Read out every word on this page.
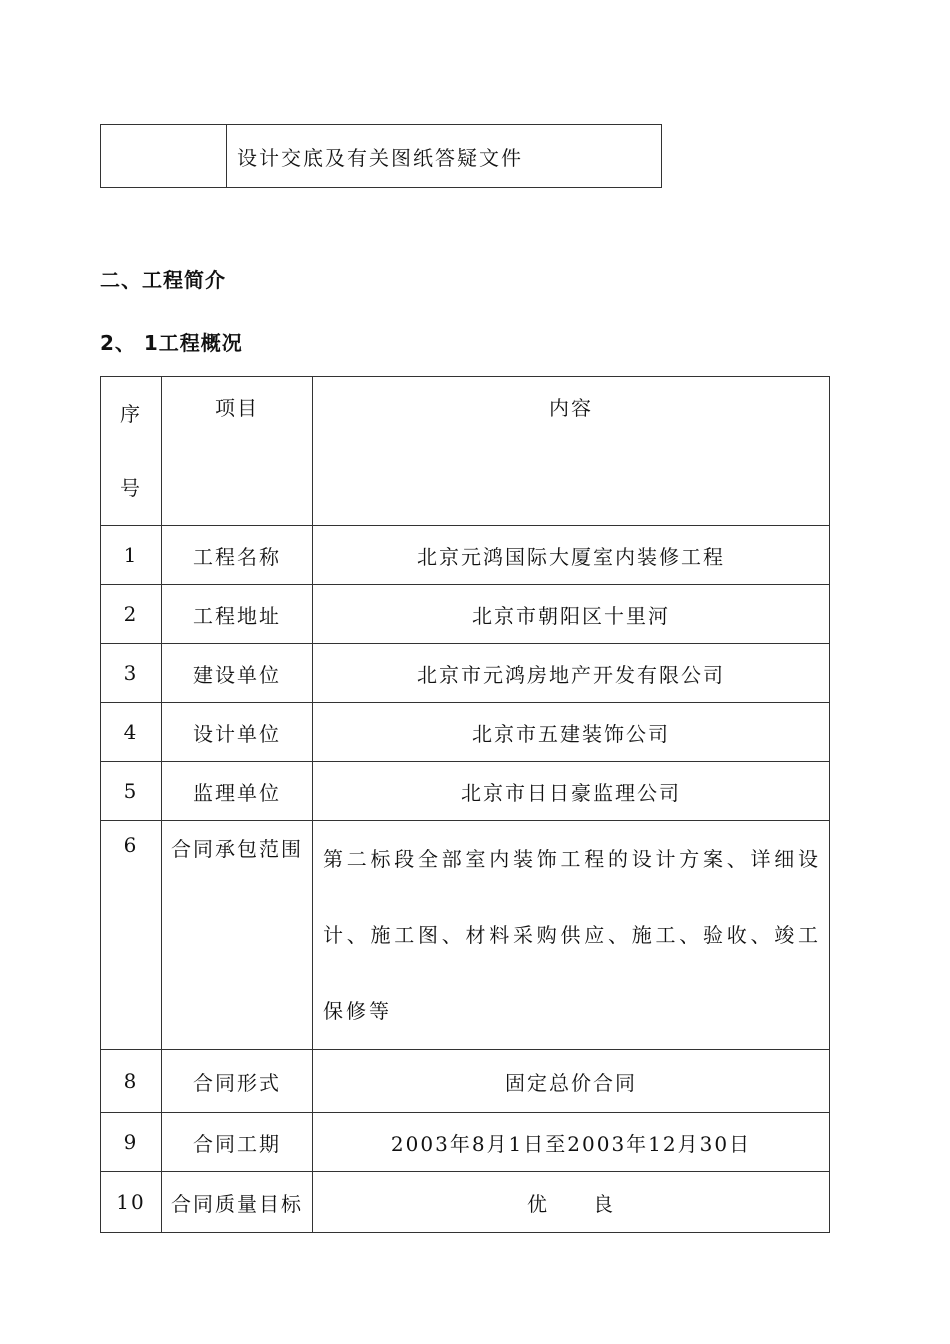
	设计交底及有关图纸答疑文件
二、工程简介
2、 1工程概况
序
号	项目	内容
1	工程名称	北京元鸿国际大厦室内装修工程
2	工程地址	北京市朝阳区十里河
3	建设单位	北京市元鸿房地产开发有限公司
4	设计单位	北京市五建装饰公司
5	监理单位	北京市日日豪监理公司
6	合同承包范围	第二标段全部室内装饰工程的设计方案、详细设计、施工图、材料采购供应、施工、验收、竣工保修等
8	合同形式	固定总价合同
9	合同工期	2003年8月1日至2003年12月30日
10	合同质量目标	优　　良
